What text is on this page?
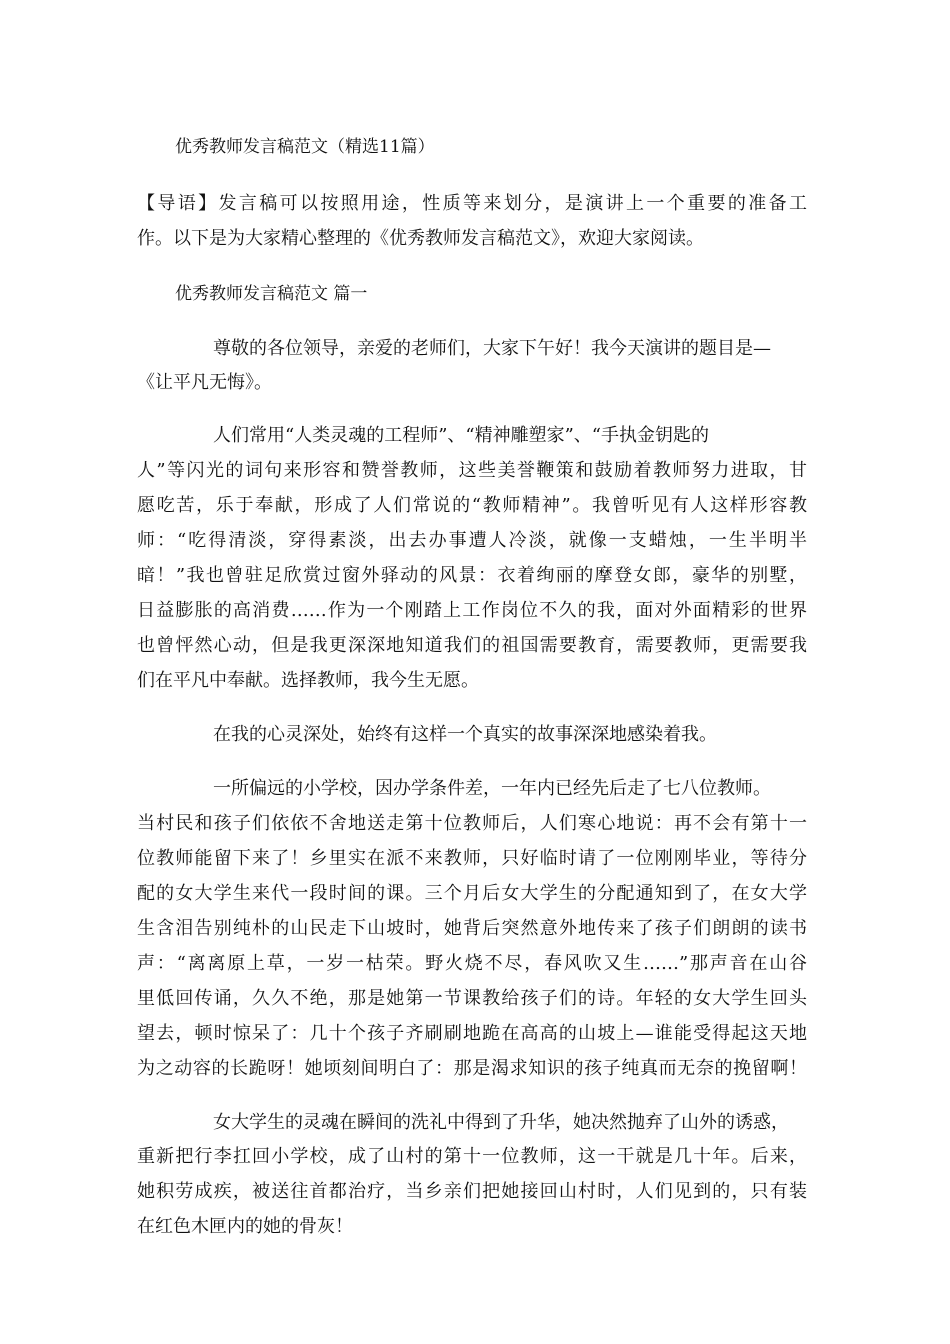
优秀教师发言稿范文（精选11篇）
【导语】发言稿可以按照用途，性质等来划分，是演讲上一个重要的准备工
作。以下是为大家精心整理的《优秀教师发言稿范文》，欢迎大家阅读。
优秀教师发言稿范文 篇一
尊敬的各位领导，亲爱的老师们，大家下午好！我今天演讲的题目是—
《让平凡无悔》。
人们常用“人类灵魂的工程师”、“精神雕塑家”、“手执金钥匙的
人”等闪光的词句来形容和赞誉教师，这些美誉鞭策和鼓励着教师努力进取，甘
愿吃苦，乐于奉献，形成了人们常说的“教师精神”。我曾听见有人这样形容教
师：“吃得清淡，穿得素淡，出去办事遭人冷淡，就像一支蜡烛，一生半明半
暗！”我也曾驻足欣赏过窗外驿动的风景：衣着绚丽的摩登女郎，豪华的别墅，
日益膨胀的高消费……作为一个刚踏上工作岗位不久的我，面对外面精彩的世界
也曾怦然心动，但是我更深深地知道我们的祖国需要教育，需要教师，更需要我
们在平凡中奉献。选择教师，我今生无愿。
在我的心灵深处，始终有这样一个真实的故事深深地感染着我。
一所偏远的小学校，因办学条件差，一年内已经先后走了七八位教师。
当村民和孩子们依依不舍地送走第十位教师后，人们寒心地说：再不会有第十一
位教师能留下来了！乡里实在派不来教师，只好临时请了一位刚刚毕业，等待分
配的女大学生来代一段时间的课。三个月后女大学生的分配通知到了，在女大学
生含泪告别纯朴的山民走下山坡时，她背后突然意外地传来了孩子们朗朗的读书
声：“离离原上草，一岁一枯荣。野火烧不尽，春风吹又生……”那声音在山谷
里低回传诵，久久不绝，那是她第一节课教给孩子们的诗。年轻的女大学生回头
望去，顿时惊呆了：几十个孩子齐刷刷地跪在高高的山坡上—谁能受得起这天地
为之动容的长跪呀！她顷刻间明白了：那是渴求知识的孩子纯真而无奈的挽留啊！
女大学生的灵魂在瞬间的洗礼中得到了升华，她决然抛弃了山外的诱惑，
重新把行李扛回小学校，成了山村的第十一位教师，这一干就是几十年。后来，
她积劳成疾，被送往首都治疗，当乡亲们把她接回山村时，人们见到的，只有装
在红色木匣内的她的骨灰！
